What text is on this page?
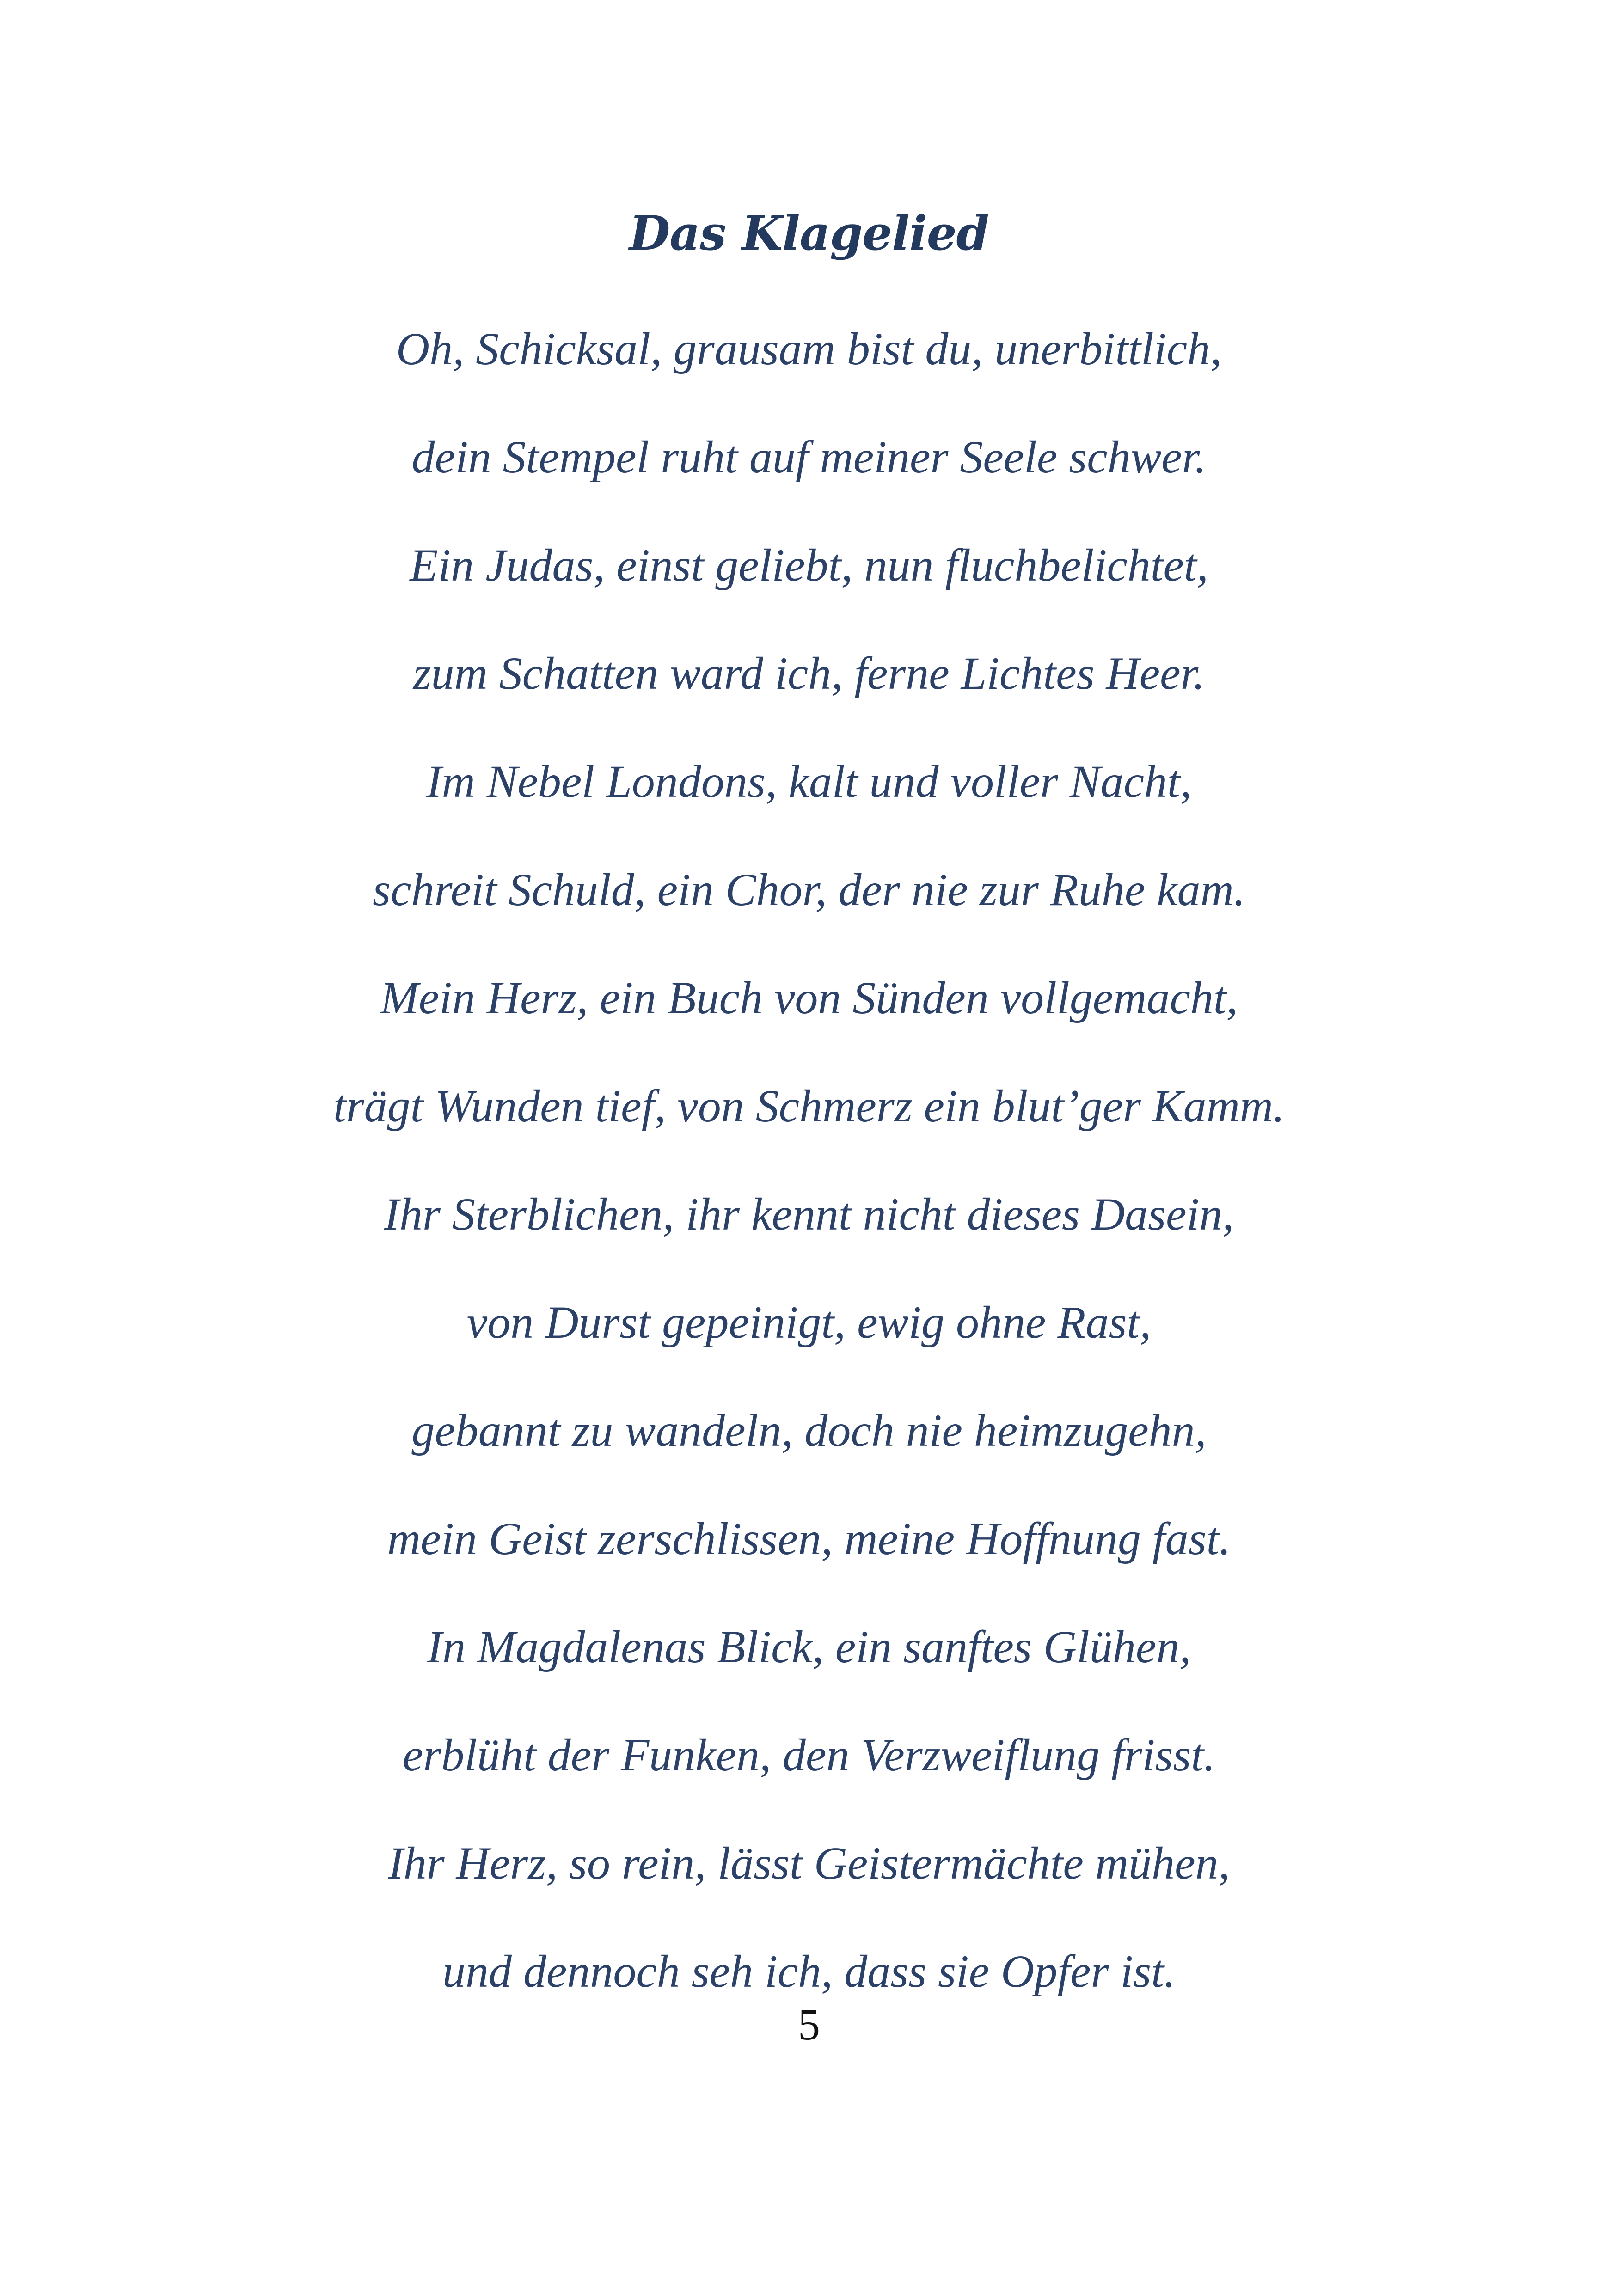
Das Klagelied
Oh, Schicksal, grausam bist du, unerbittlich,
dein Stempel ruht auf meiner Seele schwer.
Ein Judas, einst geliebt, nun fluchbelichtet,
zum Schatten ward ich, ferne Lichtes Heer.
Im Nebel Londons, kalt und voller Nacht,
schreit Schuld, ein Chor, der nie zur Ruhe kam.
Mein Herz, ein Buch von Sünden vollgemacht,
trägt Wunden tief, von Schmerz ein blut’ger Kamm.
Ihr Sterblichen, ihr kennt nicht dieses Dasein,
von Durst gepeinigt, ewig ohne Rast,
gebannt zu wandeln, doch nie heimzugehn,
mein Geist zerschlissen, meine Hoffnung fast.
In Magdalenas Blick, ein sanftes Glühen,
erblüht der Funken, den Verzweiflung frisst.
Ihr Herz, so rein, lässt Geistermächte mühen,
und dennoch seh ich, dass sie Opfer ist.
5
